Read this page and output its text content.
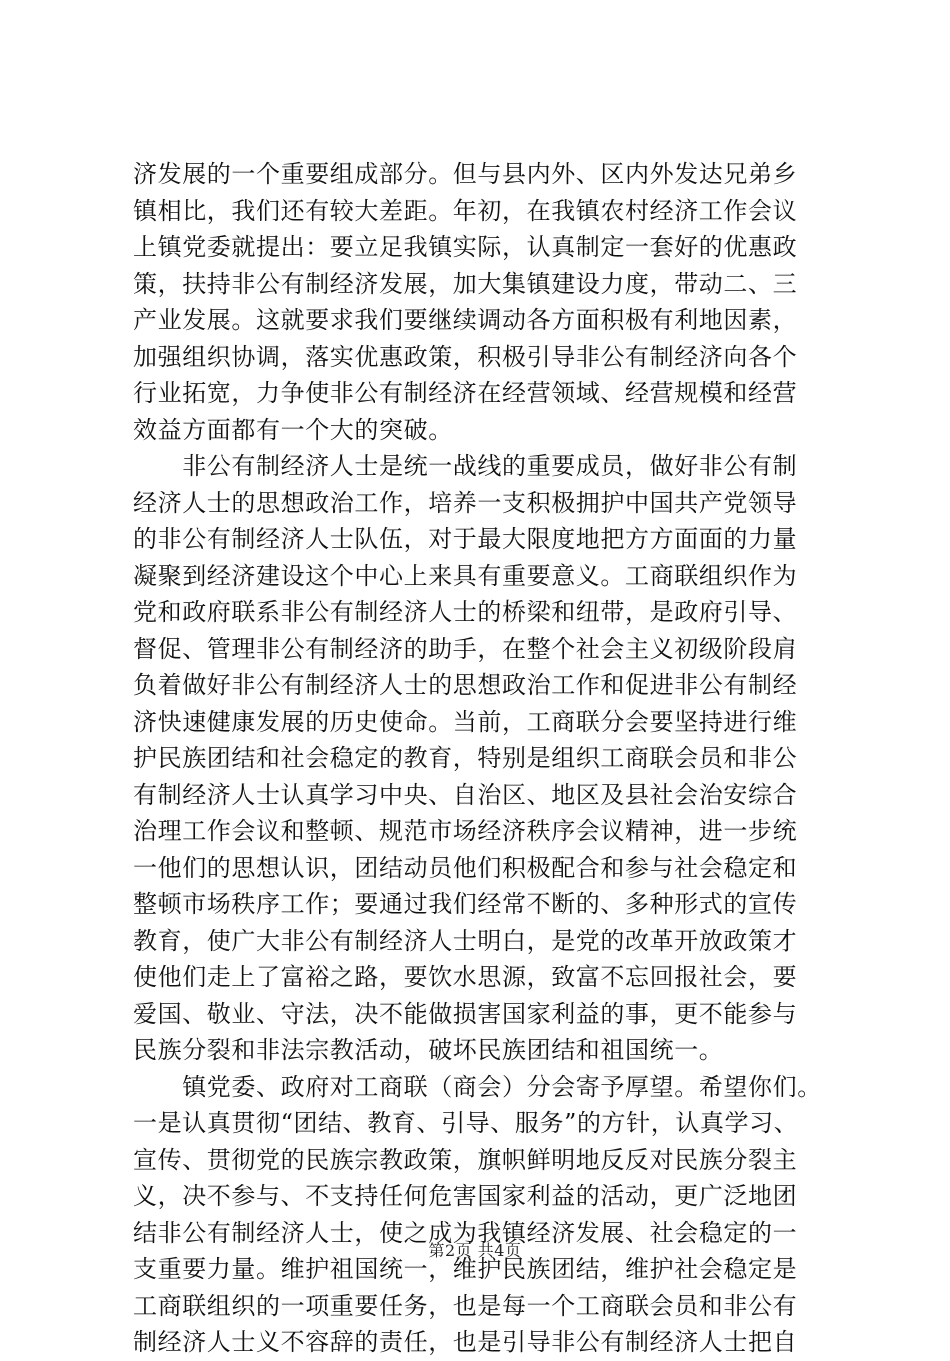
济发展的一个重要组成部分。但与县内外、区内外发达兄弟乡
镇相比，我们还有较大差距。年初，在我镇农村经济工作会议
上镇党委就提出：要立足我镇实际，认真制定一套好的优惠政
策，扶持非公有制经济发展，加大集镇建设力度，带动二、三
产业发展。这就要求我们要继续调动各方面积极有利地因素，
加强组织协调，落实优惠政策，积极引导非公有制经济向各个
行业拓宽，力争使非公有制经济在经营领域、经营规模和经营
效益方面都有一个大的突破。
　　非公有制经济人士是统一战线的重要成员，做好非公有制
经济人士的思想政治工作，培养一支积极拥护中国共产党领导
的非公有制经济人士队伍，对于最大限度地把方方面面的力量
凝聚到经济建设这个中心上来具有重要意义。工商联组织作为
党和政府联系非公有制经济人士的桥梁和纽带，是政府引导、
督促、管理非公有制经济的助手，在整个社会主义初级阶段肩
负着做好非公有制经济人士的思想政治工作和促进非公有制经
济快速健康发展的历史使命。当前，工商联分会要坚持进行维
护民族团结和社会稳定的教育，特别是组织工商联会员和非公
有制经济人士认真学习中央、自治区、地区及县社会治安综合
治理工作会议和整顿、规范市场经济秩序会议精神，进一步统
一他们的思想认识，团结动员他们积极配合和参与社会稳定和
整顿市场秩序工作；要通过我们经常不断的、多种形式的宣传
教育，使广大非公有制经济人士明白，是党的改革开放政策才
使他们走上了富裕之路，要饮水思源，致富不忘回报社会，要
爱国、敬业、守法，决不能做损害国家利益的事，更不能参与
民族分裂和非法宗教活动，破坏民族团结和祖国统一。
　　镇党委、政府对工商联（商会）分会寄予厚望。希望你们。
一是认真贯彻“团结、教育、引导、服务”的方针，认真学习、
宣传、贯彻党的民族宗教政策，旗帜鲜明地反反对民族分裂主
义，决不参与、不支持任何危害国家利益的活动，更广泛地团
结非公有制经济人士，使之成为我镇经济发展、社会稳定的一
支重要力量。维护祖国统一，维护民族团结，维护社会稳定是
工商联组织的一项重要任务，也是每一个工商联会员和非公有
制经济人士义不容辞的责任，也是引导非公有制经济人士把自
第2页 共4页
